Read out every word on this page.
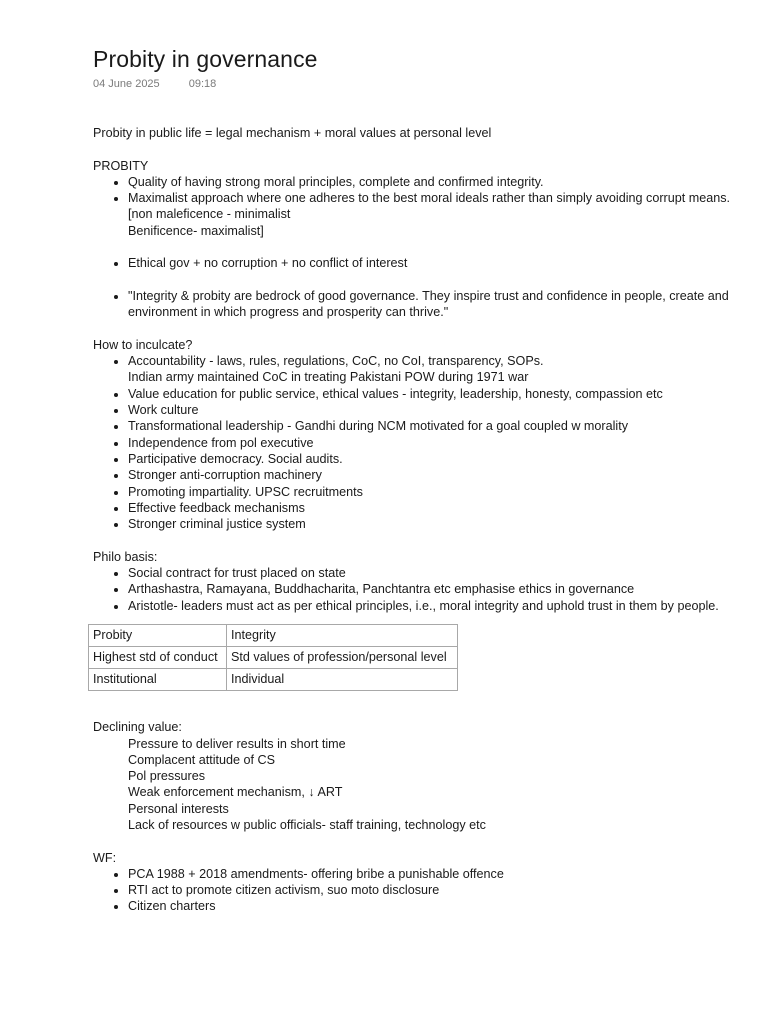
Probity in governance
04 June 2025	09:18

Probity in public life = legal mechanism + moral values at personal level

PROBITY

• Quality of having strong moral principles, complete and confirmed integrity.
• Maximalist approach where one adheres to the best moral ideals rather than simply avoiding corrupt means.
[non maleficence - minimalist
Benificence- maximalist]

• Ethical gov + no corruption + no conflict of interest

• "Integrity & probity are bedrock of good governance. They inspire trust and confidence in people, create and environment in which progress and prosperity can thrive."

How to inculcate?

• Accountability - laws, rules, regulations, CoC, no CoI, transparency, SOPs.
Indian army maintained CoC in treating Pakistani POW during 1971 war
• Value education for public service, ethical values - integrity, leadership, honesty, compassion etc
• Work culture
• Transformational leadership - Gandhi during NCM motivated for a goal coupled w morality
• Independence from pol executive
• Participative democracy. Social audits.
• Stronger anti-corruption machinery
• Promoting impartiality. UPSC recruitments
• Effective feedback mechanisms
• Stronger criminal justice system

Philo basis:

• Social contract for trust placed on state
• Arthashastra, Ramayana, Buddhacharita, Panchtantra etc emphasise ethics in governance
• Aristotle- leaders must act as per ethical principles, i.e., moral integrity and uphold trust in them by people.
Probity	Integrity
Highest std of conduct	Std values of profession/personal level
Institutional	Individual

Declining value:

Pressure to deliver results in short time

Complacent attitude of CS

Pol pressures

Weak enforcement mechanism, ↓ ART

Personal interests

Lack of resources w public officials- staff training, technology etc

WF:

• PCA 1988 + 2018 amendments- offering bribe a punishable offence
• RTI act to promote citizen activism, suo moto disclosure
• Citizen charters
